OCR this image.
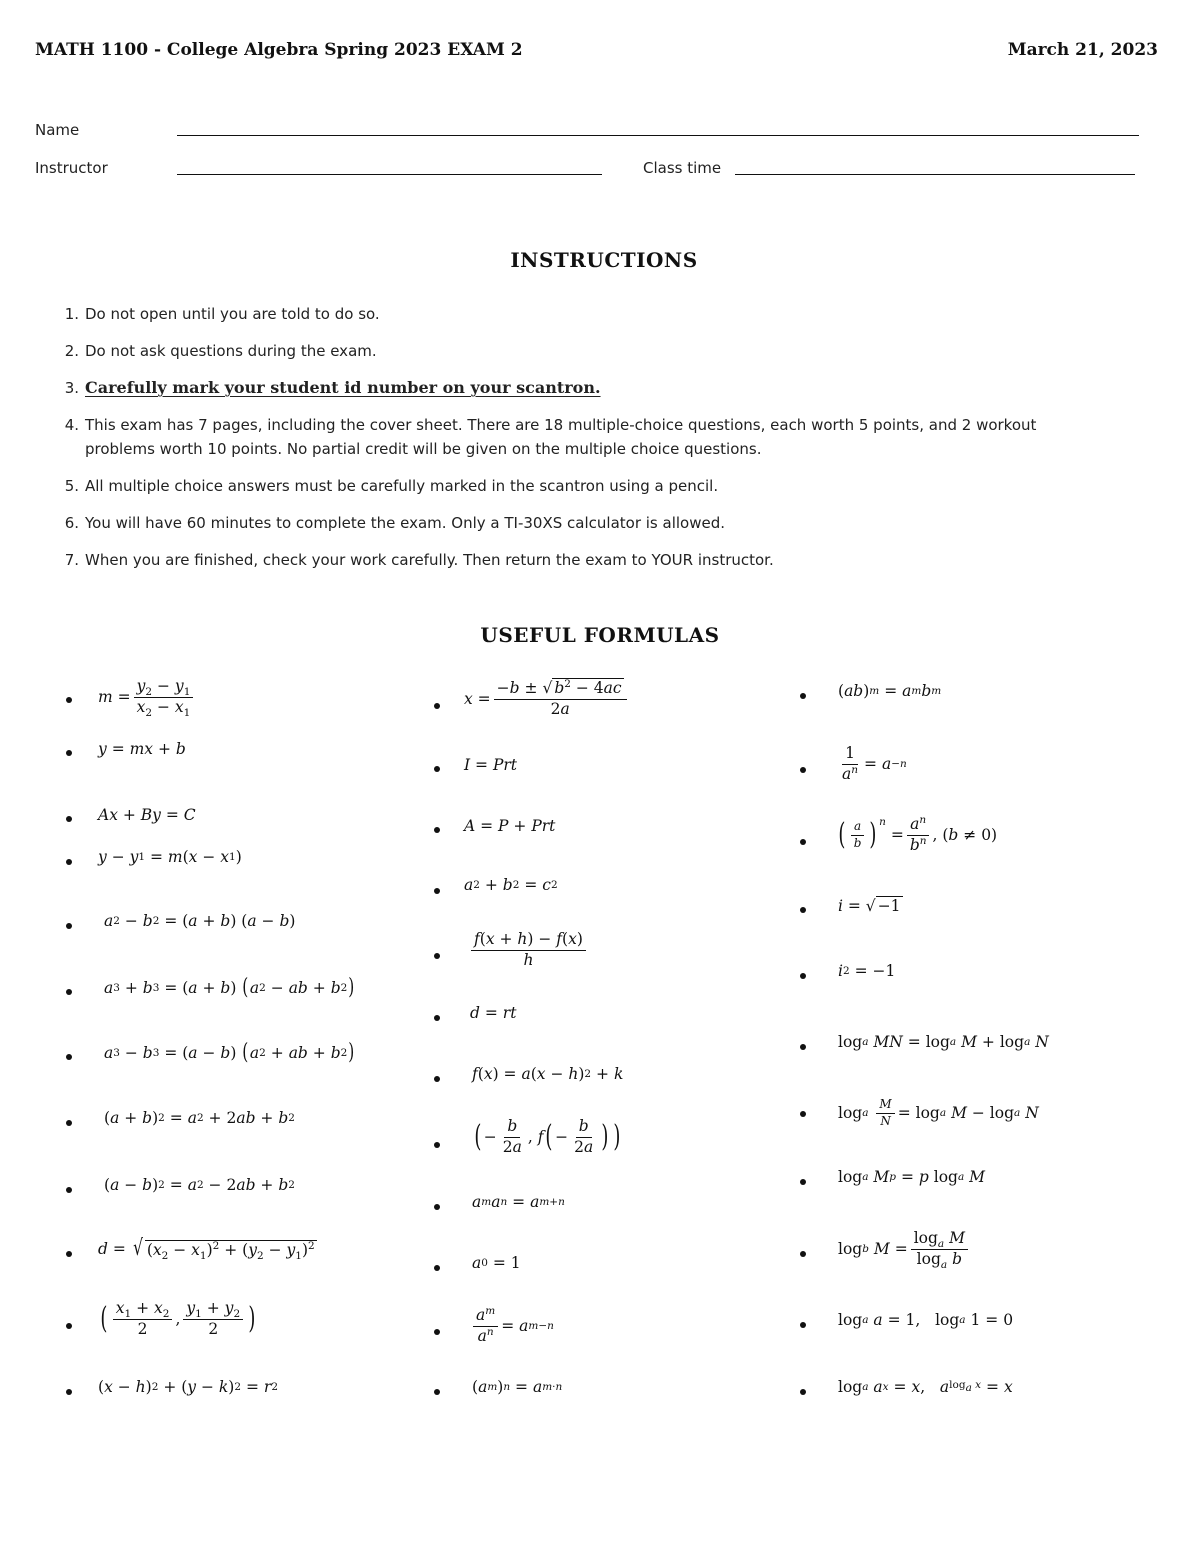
MATH 1100 - College Algebra Spring 2023 EXAM 2	March 21, 2023
Name
Instructor	Class time
INSTRUCTIONS
1. Do not open until you are told to do so.
2. Do not ask questions during the exam.
3. Carefully mark your student id number on your scantron.
4. This exam has 7 pages, including the cover sheet. There are 18 multiple-choice questions, each worth 5 points, and 2 workout
problems worth 10 points. No partial credit will be given on the multiple choice questions.
5. All multiple choice answers must be carefully marked in the scantron using a pencil.
6. You will have 60 minutes to complete the exam. Only a TI-30XS calculator is allowed.
7. When you are finished, check your work carefully. Then return the exam to YOUR instructor.
USEFUL FORMULAS
$m = \frac{y_2 - y_1}{x_2 - x_1}$
y = mx + b
Ax + By = C
y − y 1 = m ( x − x 1 )
a 2 − b 2 = ( a + b ) ( a − b )
a 3 + b 3 = ( a + b ) ( a 2 − ab + b 2 )
a 3 − b 3 = ( a − b ) ( a 2 + ab + b 2 )
( a + b ) 2 = a 2 + 2 ab + b 2
( a − b ) 2 = a 2 − 2 ab + b 2
d = √ $(x_2 - x_1)^2 + (y_2 - y_1)^2$
( $\frac{x_1 + x_2}{2}$ , $\frac{y_1 + y_2}{2}$ )
( x − h ) 2 + ( y − k ) 2 = r 2
$x = \frac{-b \pm √ b^2 - 4ac}{2a}$
I = Prt
A = P + Prt
a 2 + b 2 = c 2
$\frac{f(x + h) - f(x)}{h}$
d = rt
f ( x ) = a ( x − h ) 2 + k
( − $\frac{b}{2a}$ , f ( − $\frac{b}{2a}$ ) )
a m a n = a m+n
a 0 = 1
$\frac{a^m}{a^n} = a$ m−n
( a m ) n = a m·n
( ab ) m = a m b m
$\frac{1}{a^n} = a -n$
( $\frac{a}{b}$ ) n
= $\frac{a^n}{b^n}$ , ( b ≠ 0)
i = √ −1
i 2 = −1
log a
MN = log a
M + log a
N
log a
$\frac{M}{N} = \log a$
M − log a
N
log a
M p = p log a
M
log b
$M = \frac{\log_a M}{\log_a b}$
log a
a = 1,   log a 1 = 0
log a
a x = x , a $\log_a x = x$
